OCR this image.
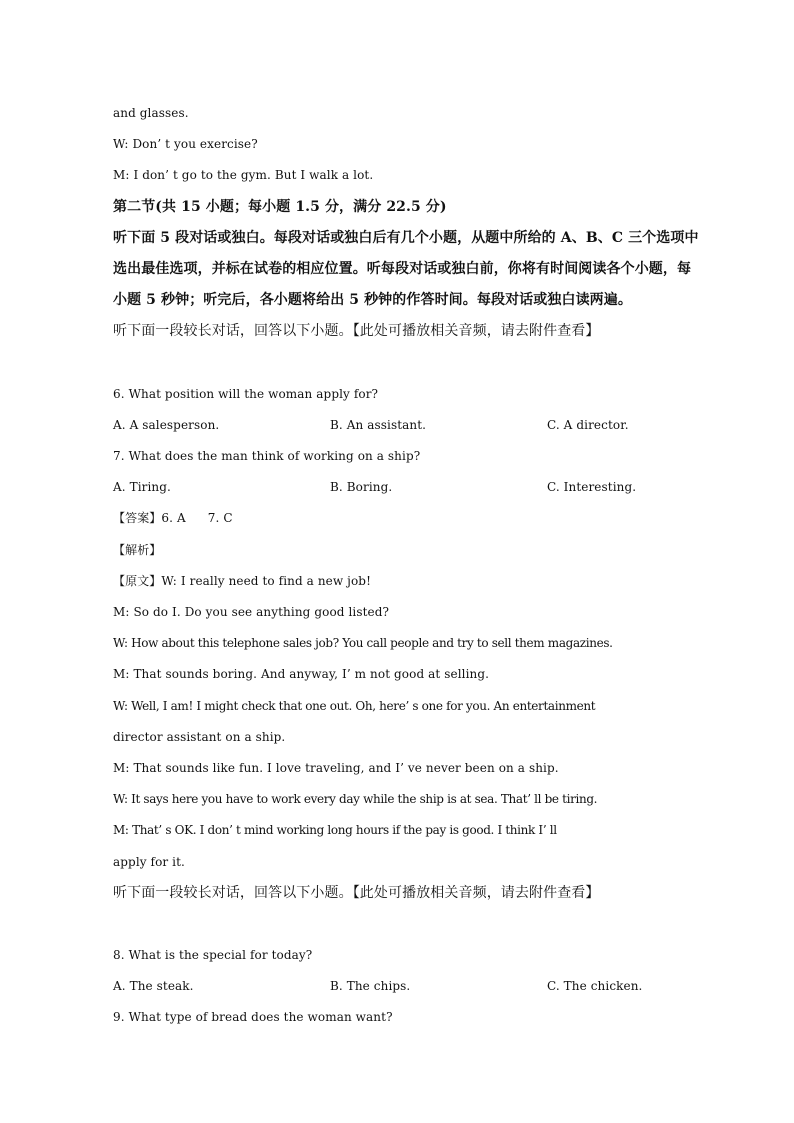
and glasses.
W: Don’ t you exercise?
M: I don’ t go to the gym. But I walk a lot.
第二节(共 15 小题；每小题 1.5 分，满分 22.5 分)
听下面 5 段对话或独白。每段对话或独白后有几个小题，从题中所给的 A、B、C 三个选项中
选出最佳选项，并标在试卷的相应位置。听每段对话或独白前，你将有时间阅读各个小题，每
小题 5 秒钟；听完后，各小题将给出 5 秒钟的作答时间。每段对话或独白读两遍。
听下面一段较长对话，回答以下小题。【此处可播放相关音频，请去附件查看】
6. What position will the woman apply for?
A. A salesperson.	B. An assistant.	C. A director.
7. What does the man think of working on a ship?
A. Tiring.	B. Boring.	C. Interesting.
【答案】6. A 7. C
【解析】
【原文】W: I really need to find a new job!
M: So do I. Do you see anything good listed?
W: How about this telephone sales job? You call people and try to sell them magazines.
M: That sounds boring. And anyway, I’ m not good at selling.
W: Well, I am! I might check that one out. Oh, here’ s one for you. An entertainment
director assistant on a ship.
M: That sounds like fun. I love traveling, and I’ ve never been on a ship.
W: It says here you have to work every day while the ship is at sea. That’ ll be tiring.
M: That’ s OK. I don’ t mind working long hours if the pay is good. I think I’ ll
apply for it.
听下面一段较长对话，回答以下小题。【此处可播放相关音频，请去附件查看】
8. What is the special for today?
A. The steak.	B. The chips.	C. The chicken.
9. What type of bread does the woman want?
